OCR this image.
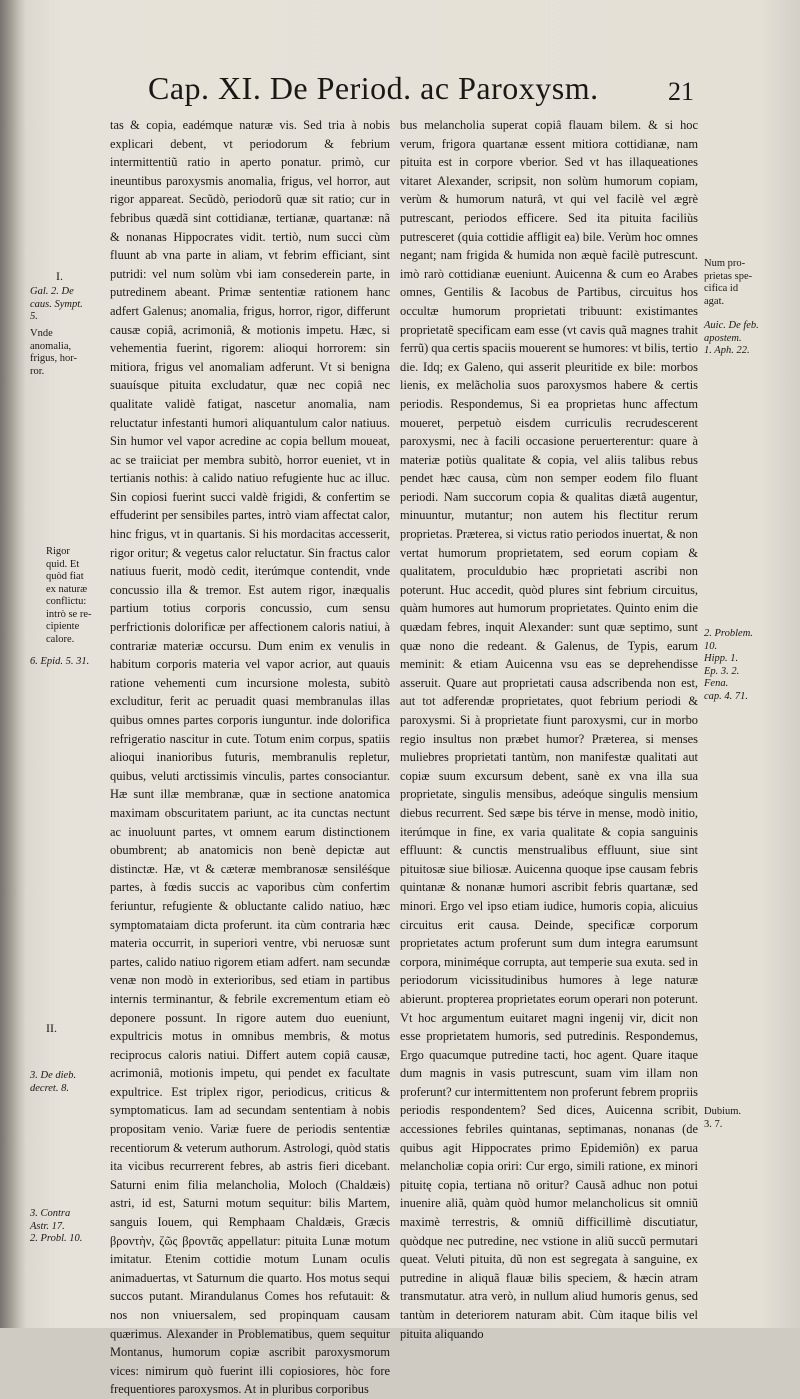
Cap. XI. De Period. ac Paroxysm.	21

tas & copia, eadémque naturæ vis. Sed tria à nobis explicari debent, vt periodorum & febrium intermittentiũ ratio in aperto ponatur. primò, cur ineuntibus paroxysmis anomalia, frigus, vel horror, aut rigor appareat. Secũdò, periodorũ quæ sit ratio; cur in febribus quædã sint cottidianæ, tertianæ, quartanæ: nã & nonanas Hippocrates vidit. tertiò, num succi cùm fluunt ab vna parte in aliam, vt febrim efficiant, sint putridi: vel num solùm vbi iam consederein parte, in putredinem abeant. Primæ sententiæ rationem hanc adfert Galenus; anomalia, frigus, horror, rigor, differunt causæ copiâ, acrimoniâ, & motionis impetu. Hæc, si vehementia fuerint, rigorem: alioqui horrorem: sin mitiora, frigus vel anomaliam adferunt. Vt si benigna suauísque pituita excludatur, quæ nec copiâ nec qualitate validè fatigat, nascetur anomalia, nam reluctatur infestanti humori aliquantulum calor natiuus. Sin humor vel vapor acredine ac copia bellum moueat, ac se traiiciat per membra subitò, horror eueniet, vt in tertianis nothis: à calido natiuo refugiente huc ac illuc. Sin copiosi fuerint succi valdè frigidi, & confertim se effuderint per sensibiles partes, intrò viam affectat calor, hinc frigus, vt in quartanis. Si his mordacitas accesserit, rigor oritur; & vegetus calor reluctatur. Sin fractus calor natiuus fuerit, modò cedit, iterúmque contendit, vnde concussio illa & tremor. Est autem rigor, inæqualis partium totius corporis concussio, cum sensu perfrictionis dolorificæ per affectionem caloris natiui, à contrariæ materiæ occursu. Dum enim ex venulis in habitum corporis materia vel vapor acrior, aut quauis ratione vehementi cum incursione molesta, subitò excluditur, ferit ac peruadit quasi membranulas illas quibus omnes partes corporis iunguntur. inde dolorifica refrigeratio nascitur in cute. Totum enim corpus, spatiis alioqui inanioribus futuris, membranulis repletur, quibus, veluti arctissimis vinculis, partes consociantur. Hæ sunt illæ membranæ, quæ in sectione anatomica maximam obscuritatem pariunt, ac ita cunctas nectunt ac inuoluunt partes, vt omnem earum distinctionem obumbrent; ab anatomicis non benè depictæ aut distinctæ. Hæ, vt & cæteræ membranosæ sensiléśque partes, à fœdis succis ac vaporibus cùm confertim feriuntur, refugiente & obluctante calido natiuo, hæc symptomataiam dicta proferunt. ita cùm contraria hæc materia occurrit, in superiori ventre, vbi neruosæ sunt partes, calido natiuo rigorem etiam adfert. nam secundæ venæ non modò in exterioribus, sed etiam in partibus internis terminantur, & febrile excrementum etiam eò deponere possunt. In rigore autem duo eueniunt, expultricis motus in omnibus membris, & motus reciprocus caloris natiui. Differt autem copiâ causæ, acrimoniâ, motionis impetu, qui pendet ex facultate expultrice. Est triplex rigor, periodicus, criticus & symptomaticus. Iam ad secundam sententiam à nobis propositam venio. Variæ fuere de periodis sententiæ recentiorum & veterum authorum. Astrologi, quòd statis ita vicibus recurrerent febres, ab astris fieri dicebant. Saturni enim filia melancholia, Moloch (Chaldæis) astri, id est, Saturni motum sequitur: bilis Martem, sanguis Iouem, qui Remphaam Chaldæis, Græcis βροντὴν, ζῶς βροντᾶς appellatur: pituita Lunæ motum imitatur. Etenim cottidie motum Lunam oculis animaduertas, vt Saturnum die quarto. Hos motus sequi succos putant. Mirandulanus Comes hos refutauit: & nos non vniuersalem, sed propinquam causam quærimus. Alexander in Problematibus, quem sequitur Montanus, humorum copiæ ascribit paroxysmorum vices: nimirum quò fuerint illi copiosiores, hòc fore frequentiores paroxysmos. At in pluribus corporibus

bus melancholia superat copiâ flauam bilem. & si hoc verum, frigora quartanæ essent mitiora cottidianæ, nam pituita est in corpore vberior. Sed vt has illaqueationes vitaret Alexander, scripsit, non solùm humorum copiam, verùm & humorum naturâ, vt qui vel facilè vel ægrè putrescant, periodos efficere. Sed ita pituita faciliùs putresceret (quia cottidie affligit ea) bile. Verùm hoc omnes negant; nam frigida & humida non æquè facilè putrescunt. imò rarò cottidianæ eueniunt. Auicenna & cum eo Arabes omnes, Gentilis & Iacobus de Partibus, circuitus hos occultæ humorum proprietati tribuunt: existimantes proprietatẽ specificam eam esse (vt cavis quã magnes trahit ferrũ) qua certis spaciis mouerent se humores: vt bilis, tertio die. Idq; ex Galeno, qui asserit pleuritide ex bile: morbos lienis, ex melãcholia suos paroxysmos habere & certis periodis. Respondemus, Si ea proprietas hunc affectum moueret, perpetuò eisdem curriculis recrudescerent paroxysmi, nec à facili occasione peruerterentur: quare à materiæ potiùs qualitate & copia, vel aliis talibus rebus pendet hæc causa, cùm non semper eodem filo fluant periodi. Nam succorum copia & qualitas diætâ augentur, minuuntur, mutantur; non autem his flectitur rerum proprietas. Præterea, si victus ratio periodos inuertat, & non vertat humorum proprietatem, sed eorum copiam & qualitatem, proculdubio hæc proprietati ascribi non poterunt. Huc accedit, quòd plures sint febrium circuitus, quàm humores aut humorum proprietates. Quinto enim die quædam febres, inquit Alexander: sunt quæ septimo, sunt quæ nono die redeant. & Galenus, de Typis, earum meminit: & etiam Auicenna vsu eas se deprehendisse asseruit. Quare aut proprietati causa adscribenda non est, aut tot adferendæ proprietates, quot febrium periodi & paroxysmi. Si à proprietate fiunt paroxysmi, cur in morbo regio insultus non præbet humor? Præterea, si menses muliebres proprietati tantùm, non manifestæ qualitati aut copiæ suum excursum debent, sanè ex vna illa sua proprietate, singulis mensibus, adeóque singulis mensium diebus recurrent. Sed sæpe bis térve in mense, modò initio, iterúmque in fine, ex varia qualitate & copia sanguinis effluunt: & cunctis menstrualibus effluunt, siue sint pituitosæ siue biliosæ. Auicenna quoque ipse causam febris quintanæ & nonanæ humori ascribit febris quartanæ, sed minori. Ergo vel ipso etiam iudice, humoris copia, alicuius circuitus erit causa. Deinde, specificæ corporum proprietates actum proferunt sum dum integra earumsunt corpora, miniméque corrupta, aut temperie sua exuta. sed in periodorum vicissitudinibus humores à lege naturæ abierunt. propterea proprietates eorum operari non poterunt. Vt hoc argumentum euitaret magni ingenij vir, dicit non esse proprietatem humoris, sed putredinis. Respondemus, Ergo quacumque putredine tacti, hoc agent. Quare itaque dum magnis in vasis putrescunt, suam vim illam non proferunt? cur intermittentem non proferunt febrem propriis periodis respondentem? Sed dices, Auicenna scribit, accessiones febriles quintanas, septimanas, nonanas (de quibus agit Hippocrates primo Epidemiôn) ex parua melancholiæ copia oriri: Cur ergo, simili ratione, ex minori pituitę copia, tertiana nõ oritur? Causã adhuc non potui inuenire aliã, quàm quòd humor melancholicus sit omniũ maximè terrestris, & omniũ difficillimè discutiatur, quòdque nec putredine, nec vstione in aliũ succũ permutari queat. Veluti pituita, dũ non est segregata à sanguine, ex putredine in aliquã flauæ bilis speciem, & hæcin atram transmutatur. atra verò, in nullum aliud humoris genus, sed tantùm in deteriorem naturam abit. Cùm itaque bilis vel pituita aliquando

I.
Gal. 2. De
caus. Sympt.
5.
Vnde
anomalia,
frigus, hor-
ror.
Rigor
quid. Et
quòd fiat
ex naturæ
conflictu:
intrò se re-
cipiente
calore.
6. Epid. 5. 31.
II.
3. De dieb.
decret. 8.
3. Contra
Astr. 17.
2. Probl. 10.
Num pro-
prietas spe-
cifica id
agat.
Auic. De feb.
apostem.
1. Aph. 22.
2. Problem.
10.
Hipp. 1.
Ep. 3. 2.
Fena.
cap. 4. 71.
Dubium.
3. 7.
